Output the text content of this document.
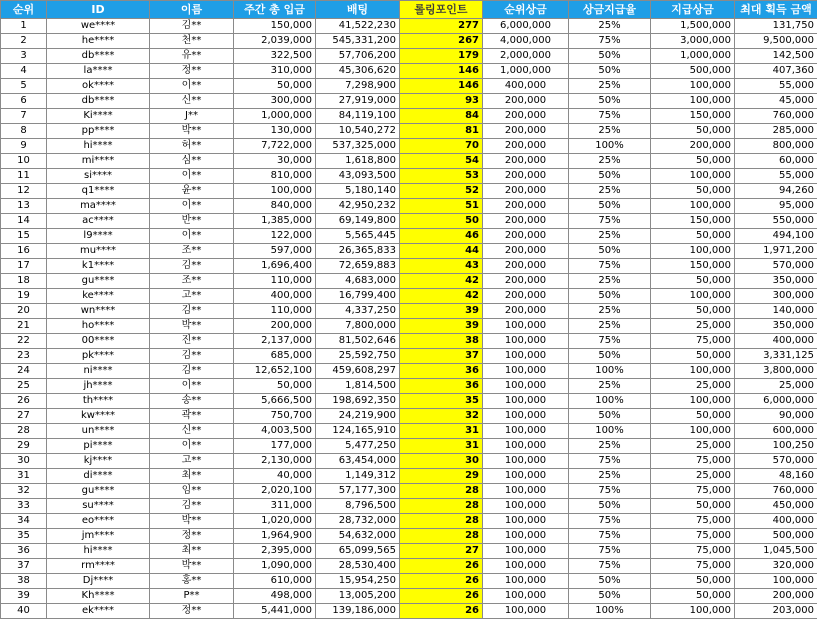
순위	ID	이름	주간 총 입금	배팅	롤링포인트	순위상금	상금지급율	지급상금	최대 획득 금액
1	we****	김**	150,000	41,522,230	277	6,000,000	25%	1,500,000	131,750
2	he****	천**	2,039,000	545,331,200	267	4,000,000	75%	3,000,000	9,500,000
3	db****	유**	322,500	57,706,200	179	2,000,000	50%	1,000,000	142,500
4	la****	정**	310,000	45,306,620	146	1,000,000	50%	500,000	407,360
5	ok****	이**	50,000	7,298,900	146	400,000	25%	100,000	55,000
6	db****	신**	300,000	27,919,000	93	200,000	50%	100,000	45,000
7	Ki****	J**	1,000,000	84,119,100	84	200,000	75%	150,000	760,000
8	pp****	박**	130,000	10,540,272	81	200,000	25%	50,000	285,000
9	hi****	허**	7,722,000	537,325,000	70	200,000	100%	200,000	800,000
10	mi****	심**	30,000	1,618,800	54	200,000	25%	50,000	60,000
11	si****	이**	810,000	43,093,500	53	200,000	50%	100,000	55,000
12	q1****	윤**	100,000	5,180,140	52	200,000	25%	50,000	94,260
13	ma****	이**	840,000	42,950,232	51	200,000	50%	100,000	95,000
14	ac****	반**	1,385,000	69,149,800	50	200,000	75%	150,000	550,000
15	l9****	이**	122,000	5,565,445	46	200,000	25%	50,000	494,100
16	mu****	조**	597,000	26,365,833	44	200,000	50%	100,000	1,971,200
17	k1****	김**	1,696,400	72,659,883	43	200,000	75%	150,000	570,000
18	gu****	조**	110,000	4,683,000	42	200,000	25%	50,000	350,000
19	ke****	고**	400,000	16,799,400	42	200,000	50%	100,000	300,000
20	wn****	김**	110,000	4,337,250	39	200,000	25%	50,000	140,000
21	ho****	박**	200,000	7,800,000	39	100,000	25%	25,000	350,000
22	00****	진**	2,137,000	81,502,646	38	100,000	75%	75,000	400,000
23	pk****	김**	685,000	25,592,750	37	100,000	50%	50,000	3,331,125
24	ni****	김**	12,652,100	459,608,297	36	100,000	100%	100,000	3,800,000
25	jh****	이**	50,000	1,814,500	36	100,000	25%	25,000	25,000
26	th****	송**	5,666,500	198,692,350	35	100,000	100%	100,000	6,000,000
27	kw****	곽**	750,700	24,219,900	32	100,000	50%	50,000	90,000
28	un****	신**	4,003,500	124,165,910	31	100,000	100%	100,000	600,000
29	pi****	이**	177,000	5,477,250	31	100,000	25%	25,000	100,250
30	kj****	고**	2,130,000	63,454,000	30	100,000	75%	75,000	570,000
31	di****	최**	40,000	1,149,312	29	100,000	25%	25,000	48,160
32	gu****	임**	2,020,100	57,177,300	28	100,000	75%	75,000	760,000
33	su****	김**	311,000	8,796,500	28	100,000	50%	50,000	450,000
34	eo****	박**	1,020,000	28,732,000	28	100,000	75%	75,000	400,000
35	jm****	정**	1,964,900	54,632,000	28	100,000	75%	75,000	500,000
36	hi****	최**	2,395,000	65,099,565	27	100,000	75%	75,000	1,045,500
37	rm****	박**	1,090,000	28,530,400	26	100,000	75%	75,000	320,000
38	Dj****	홍**	610,000	15,954,250	26	100,000	50%	50,000	100,000
39	Kh****	P**	498,000	13,005,200	26	100,000	50%	50,000	200,000
40	ek****	정**	5,441,000	139,186,000	26	100,000	100%	100,000	203,000
